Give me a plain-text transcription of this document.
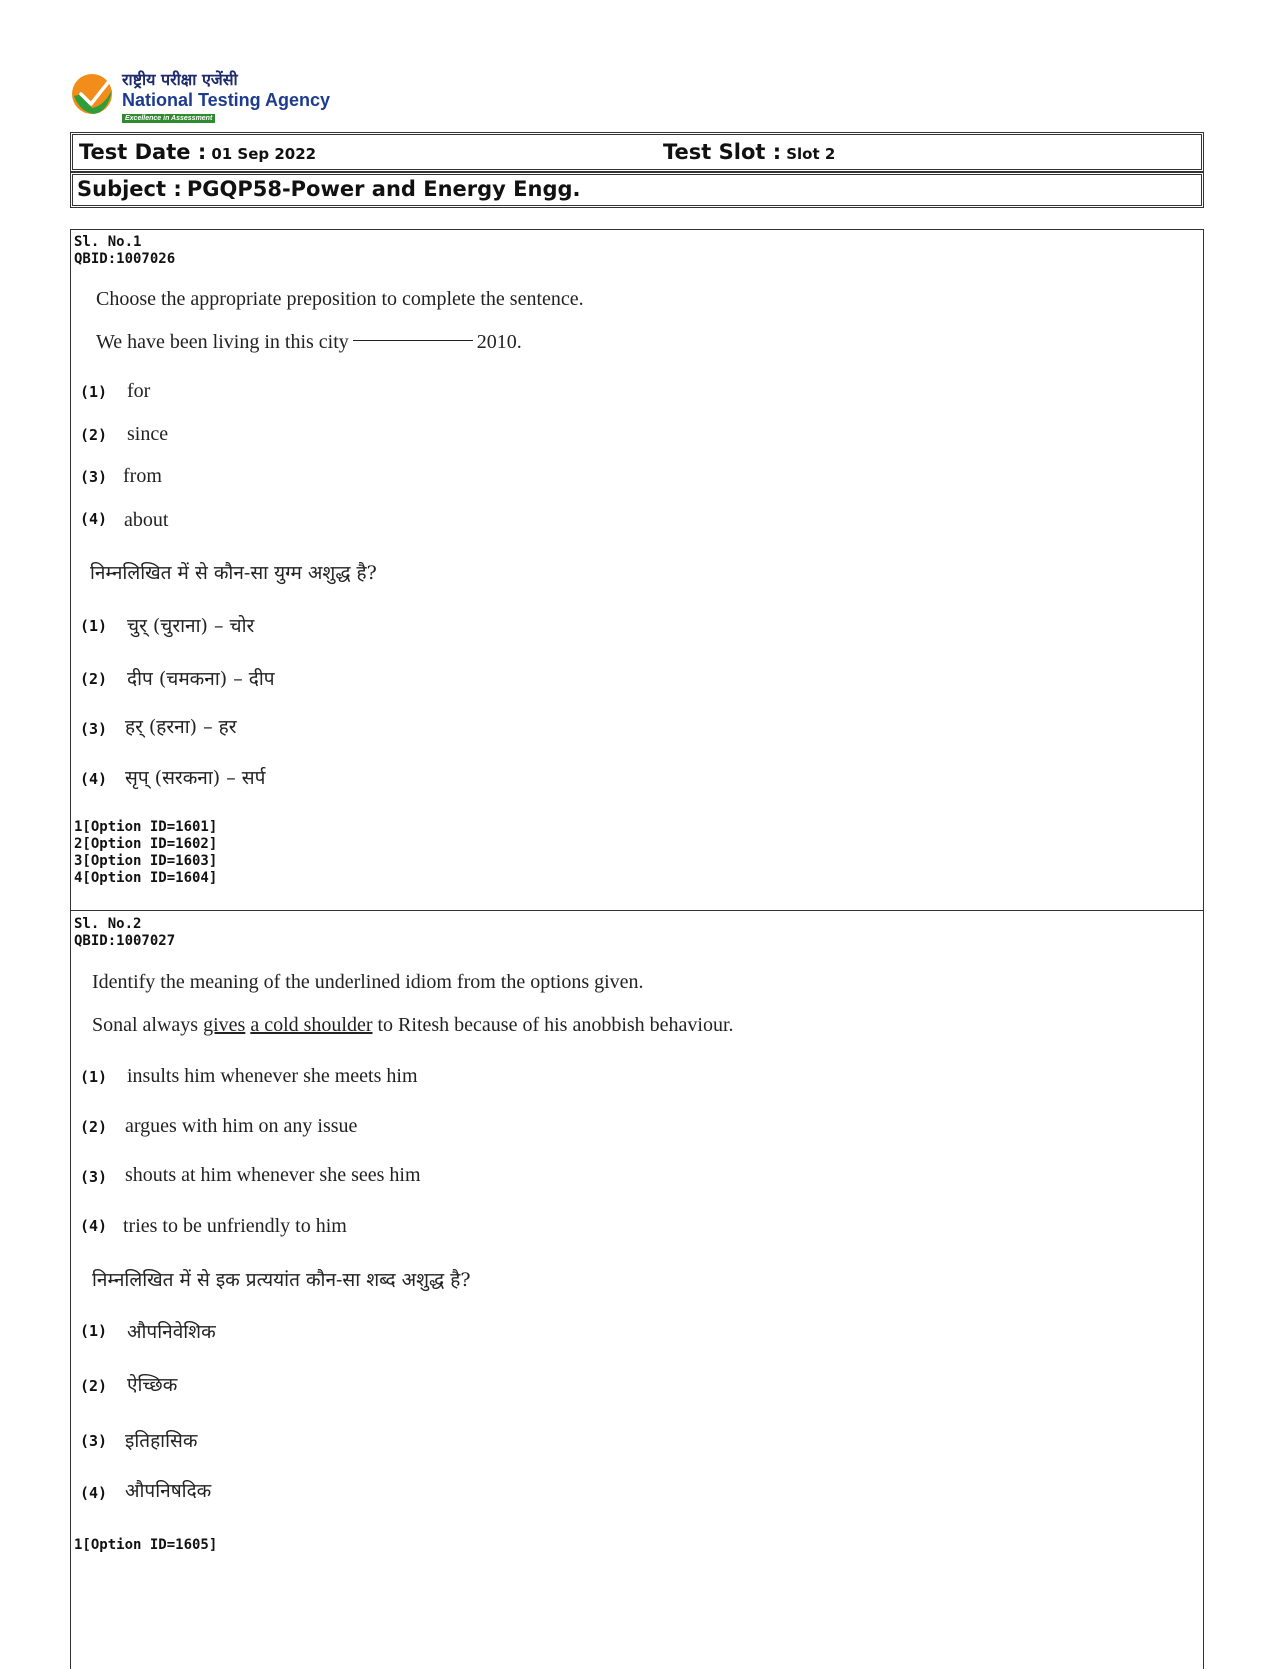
राष्ट्रीय परीक्षा एजेंसी
National Testing Agency
Excellence in Assessment
Test Date : 01 Sep 2022	Test Slot : Slot 2
Subject : PGQP58-Power and Energy Engg.
Sl. No.1
QBID:1007026
Choose the appropriate preposition to complete the sentence.
We have been living in this city	2010.
(1) for
(2) since
(3) from
(4) about
निम्नलिखित में से कौन-सा युग्म अशुद्ध है?
(1) चुर् (चुराना) – चोर
(2) दीप (चमकना) – दीप
(3) हर् (हरना) – हर
(4) सृप् (सरकना) – सर्प
1[Option ID=1601]
2[Option ID=1602]
3[Option ID=1603]
4[Option ID=1604]
Sl. No.2
QBID:1007027
Identify the meaning of the underlined idiom from the options given.
Sonal always gives a cold shoulder to Ritesh because of his anobbish behaviour.
(1) insults him whenever she meets him
(2) argues with him on any issue
(3) shouts at him whenever she sees him
(4) tries to be unfriendly to him
निम्नलिखित में से इक प्रत्ययांत कौन-सा शब्द अशुद्ध है?
(1) औपनिवेशिक
(2) ऐच्छिक
(3) इतिहासिक
(4) औपनिषदिक
1[Option ID=1605]
